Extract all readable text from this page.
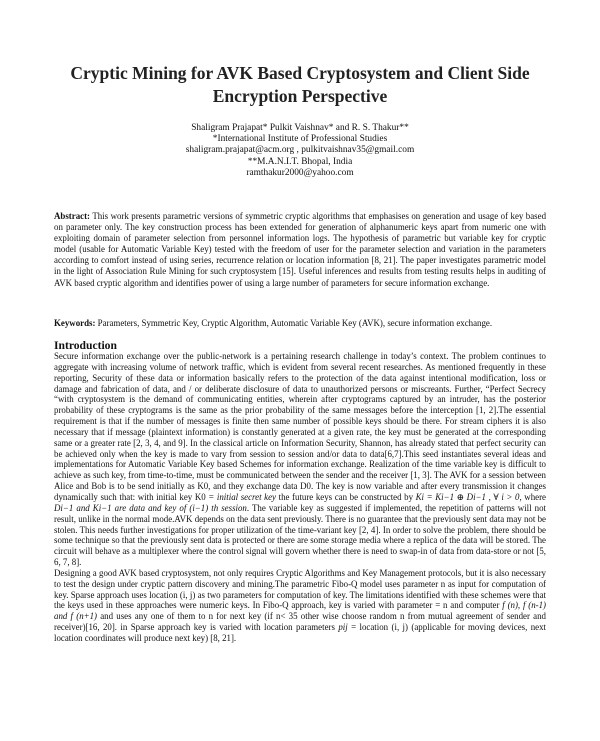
Cryptic Mining for AVK Based Cryptosystem and Client Side Encryption Perspective
Shaligram Prajapat* Pulkit Vaishnav* and R. S. Thakur**
*International Institute of Professional Studies
shaligram.prajapat@acm.org , pulkitvaishnav35@gmail.com
**M.A.N.I.T. Bhopal, India
ramthakur2000@yahoo.com

Abstract: This work presents parametric versions of symmetric cryptic algorithms that emphasises on generation and usage of key based on parameter only. The key construction process has been extended for generation of alphanumeric keys apart from numeric one with exploiting domain of parameter selection from personnel information logs. The hypothesis of parametric but variable key for cryptic model (usable for Automatic Variable Key) tested with the freedom of user for the parameter selection and variation in the parameters according to comfort instead of using series, recurrence relation or location information [8, 21]. The paper investigates parametric model in the light of Association Rule Mining for such cryptosystem [15]. Useful inferences and results from testing results helps in auditing of AVK based cryptic algorithm and identifies power of using a large number of parameters for secure information exchange.

Keywords: Parameters, Symmetric Key, Cryptic Algorithm, Automatic Variable Key (AVK), secure information exchange.

Introduction

Secure information exchange over the public-network is a pertaining research challenge in today’s context. The problem continues to aggregate with increasing volume of network traffic, which is evident from several recent researches. As mentioned frequently in these reporting, Security of these data or information basically refers to the protection of the data against intentional modification, loss or damage and fabrication of data, and / or deliberate disclosure of data to unauthorized persons or miscreants. Further, “Perfect Secrecy “with cryptosystem is the demand of communicating entities, wherein after cryptograms captured by an intruder, has the posterior probability of these cryptograms is the same as the prior probability of the same messages before the interception [1, 2].The essential requirement is that if the number of messages is finite then same number of possible keys should be there. For stream ciphers it is also necessary that if message (plaintext information) is constantly generated at a given rate, the key must be generated at the corresponding same or a greater rate [2, 3, 4, and 9]. In the classical article on Information Security, Shannon, has already stated that perfect security can be achieved only when the key is made to vary from session to session and/or data to data[6,7].This seed instantiates several ideas and implementations for Automatic Variable Key based Schemes for information exchange. Realization of the time variable key is difficult to achieve as such key, from time-to-time, must be communicated between the sender and the receiver [1, 3]. The AVK for a session between Alice and Bob is to be send initially as K0, and they exchange data D0. The key is now variable and after every transmission it changes dynamically such that: with initial key K0 = initial secret key the future keys can be constructed by Ki = Ki−1 ⊕ Di−1 , ∀ i > 0, where Di−1 and Ki−1 are data and key of (i−1) th session. The variable key as suggested if implemented, the repetition of patterns will not result, unlike in the normal mode.AVK depends on the data sent previously. There is no guarantee that the previously sent data may not be stolen. This needs further investigations for proper utilization of the time-variant key [2, 4]. In order to solve the problem, there should be some technique so that the previously sent data is protected or there are some storage media where a replica of the data will be stored. The circuit will behave as a multiplexer where the control signal will govern whether there is need to swap-in of data from data-store or not [5, 6, 7, 8].

Designing a good AVK based cryptosystem, not only requires Cryptic Algorithms and Key Management protocols, but it is also necessary to test the design under cryptic pattern discovery and mining.The parametric Fibo-Q model uses parameter n as input for computation of key. Sparse approach uses location (i, j) as two parameters for computation of key. The limitations identified with these schemes were that the keys used in these approaches were numeric keys. In Fibo-Q approach, key is varied with parameter = n and computer f (n), f (n-1) and f (n+1) and uses any one of them to n for next key (if n< 35 other wise choose random n from mutual agreement of sender and receiver)[16, 20]. in Sparse approach key is varied with location parameters pij = location (i, j) (applicable for moving devices, next location coordinates will produce next key) [8, 21].
